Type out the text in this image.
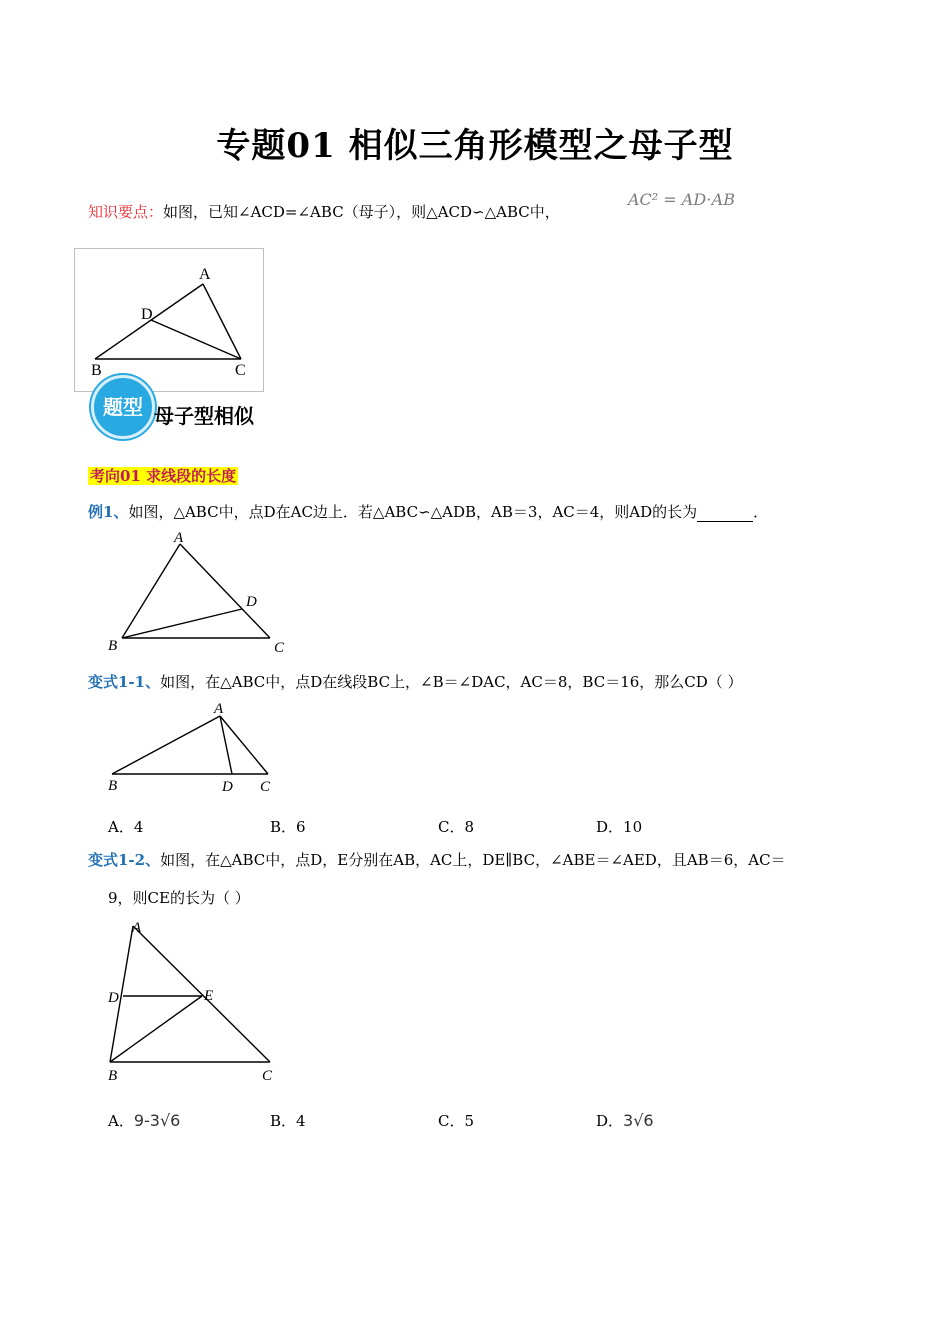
专题01 相似三角形模型之母子型
知识要点：如图，已知∠ACD=∠ABC（母子），则△ACD∽△ABC中，
AC² = AD⋅AB
A
D
B	C
题型 母子型相似
考向01 求线段的长度
例1、如图，△ABC中，点D在AC边上．若△ABC∽△ADB，AB＝3，AC＝4，则AD的长为	．
A
D
B	C
变式1-1、如图，在△ABC中，点D在线段BC上，∠B＝∠DAC，AC＝8，BC＝16，那么CD（ ）
A
B	D C
A．4	B．6	C．8	D．10
变式1-2、如图，在△ABC中，点D，E分别在AB，AC上，DE∥BC，∠ABE＝∠AED，且AB＝6，AC＝
9，则CE的长为（ ）
A
D	E
B	C
A．9-3√6	B．4	C．5	D．3√6
